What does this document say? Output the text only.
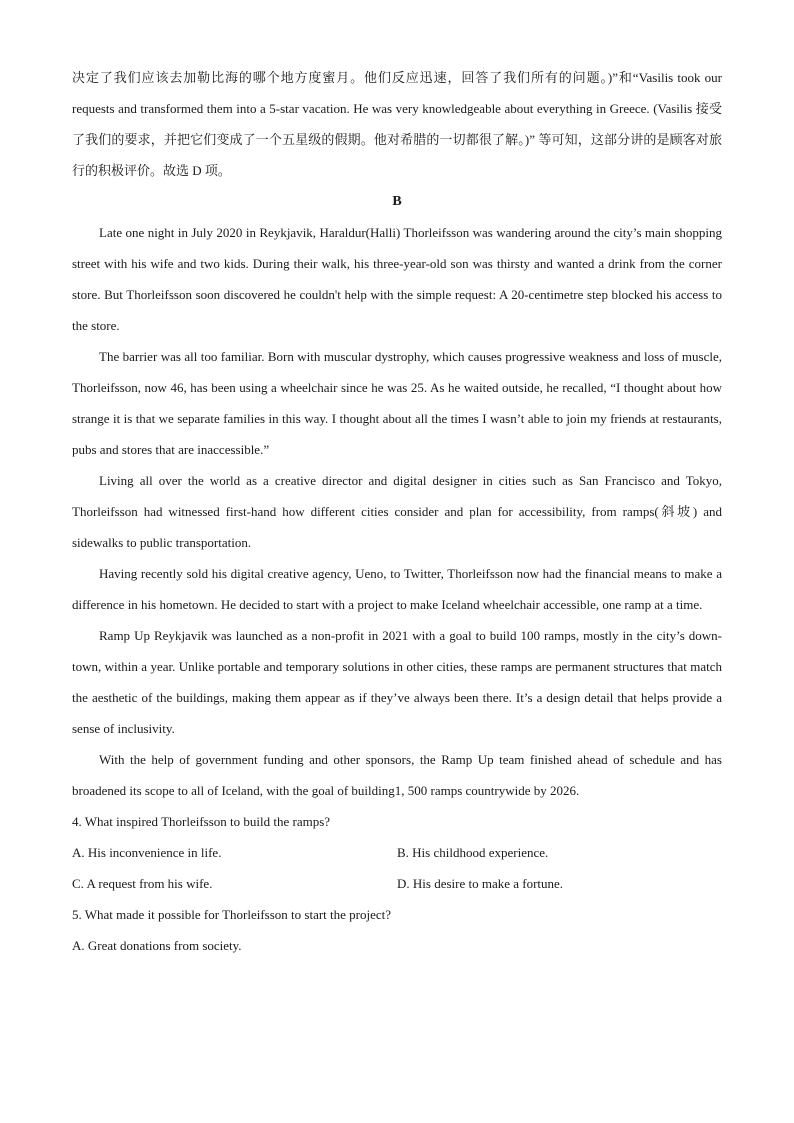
决定了我们应该去加勒比海的哪个地方度蜜月。他们反应迅速，回答了我们所有的问题。)”和“Vasilis took our requests and transformed them into a 5-star vacation. He was very knowledgeable about everything in Greece. (Vasilis 接受了我们的要求，并把它们变成了一个五星级的假期。他对希腊的一切都很了解。)” 等可知，这部分讲的是顾客对旅行的积极评价。故选 D 项。

B

Late one night in July 2020 in Reykjavik, Haraldur(Halli) Thorleifsson was wandering around the city’s main shopping street with his wife and two kids. During their walk, his three-year-old son was thirsty and wanted a drink from the corner store. But Thorleifsson soon discovered he couldn't help with the simple request: A 20-centimetre step blocked his access to the store.

The barrier was all too familiar. Born with muscular dystrophy, which causes progressive weakness and loss of muscle, Thorleifsson, now 46, has been using a wheelchair since he was 25. As he waited outside, he recalled, “I thought about how strange it is that we separate families in this way. I thought about all the times I wasn’t able to join my friends at restaurants, pubs and stores that are inaccessible.”

Living all over the world as a creative director and digital designer in cities such as San Francisco and Tokyo, Thorleifsson had witnessed first-hand how different cities consider and plan for accessibility, from ramps(斜坡) and sidewalks to public transportation.

Having recently sold his digital creative agency, Ueno, to Twitter, Thorleifsson now had the financial means to make a difference in his hometown. He decided to start with a project to make Iceland wheelchair accessible, one ramp at a time.

Ramp Up Reykjavik was launched as a non-profit in 2021 with a goal to build 100 ramps, mostly in the city’s down-town, within a year. Unlike portable and temporary solutions in other cities, these ramps are permanent structures that match the aesthetic of the buildings, making them appear as if they’ve always been there. It’s a design detail that helps provide a sense of inclusivity.

With the help of government funding and other sponsors, the Ramp Up team finished ahead of schedule and has broadened its scope to all of Iceland, with the goal of building1, 500 ramps countrywide by 2026.

4. What inspired Thorleifsson to build the ramps?

A. His inconvenience in life.	B. His childhood experience.
C. A request from his wife.	D. His desire to make a fortune.

5. What made it possible for Thorleifsson to start the project?

A. Great donations from society.
